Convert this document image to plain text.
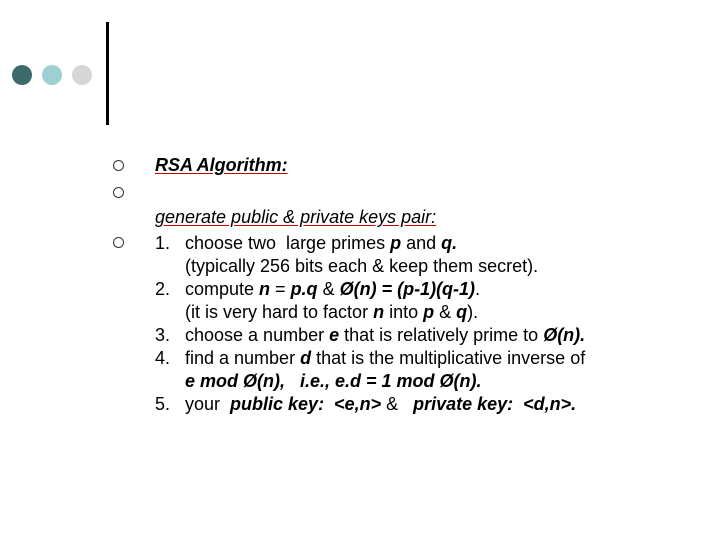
RSA Algorithm:

generate public & private keys pair:

1. choose two  large primes p and q.
(typically 256 bits each & keep them secret).
2. compute n = p.q & Ø(n) = (p-1)(q-1).
(it is very hard to factor n into p & q).
3. choose a number e that is relatively prime to Ø(n).
4. find a number d that is the multiplicative inverse of
e mod Ø(n),   i.e., e.d = 1 mod Ø(n).
5. your  public key:  <e,n> &   private key:  <d,n>.
